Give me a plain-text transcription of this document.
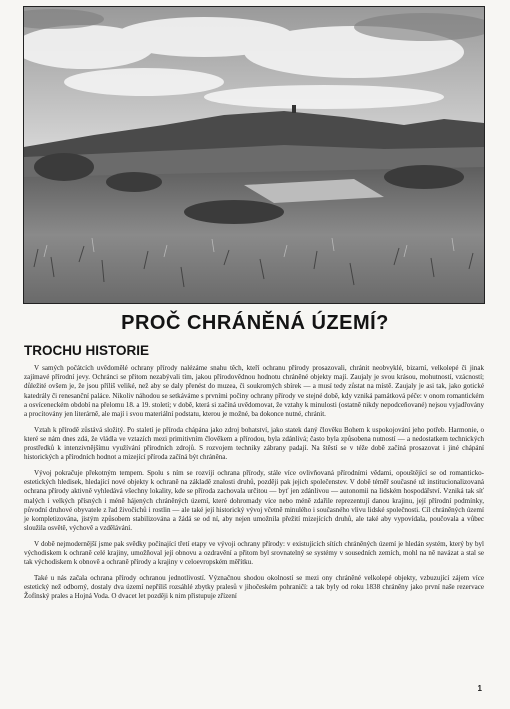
PROČ CHRÁNĚNÁ ÚZEMÍ?
TROCHU HISTORIE

V samých počátcích uvědomělé ochrany přírody nalézáme snahu těch, kteří ochranu přírody prosazovali, chránit neobvyklé, bizarní, velkolepé či jinak zajímavé přírodní jevy. Ochránci se přitom nezabývali tím, jakou přírodovědnou hodnotu chráněné objekty mají. Zaujaly je svou krásou, mohutností, vzácností; důležité ovšem je, že jsou příliš veliké, než aby se daly přenést do muzea, či soukromých sbírek — a musí tedy zůstat na místě. Zaujaly je asi tak, jako gotické katedrály či renesanční paláce. Nikoliv náhodou se setkáváme s prvními počiny ochrany přírody ve stejné době, kdy vzniká památková péče: v onom romantickém a osvíceneckém období na přelomu 18. a 19. století; v době, která si začíná uvědomovat, že vztahy k minulosti (ostatně nikdy nepodceňované) nejsou vyjadřovány a procítovány jen literárně, ale mají i svou materiální podstatu, kterou je možné, ba dokonce nutné, chránit.

Vztah k přírodě zůstává složitý. Po staletí je příroda chápána jako zdroj bohatství, jako statek daný člověku Bohem k uspokojování jeho potřeb. Harmonie, o které se nám dnes zdá, že vládla ve vztazích mezi primitivním člověkem a přírodou, byla zdánlivá; často byla způsobena nutností — a nedostatkem technických prostředků k intenzivnějšímu využívání přírodních zdrojů. S rozvojem techniky zábrany padají. Na štěstí se v téže době začíná prosazovat i jiné chápání historických a přírodních hodnot a mizející příroda začíná být chráněna.

Vývoj pokračuje překotným tempem. Spolu s ním se rozvíjí ochrana přírody, stále více ovlivňovaná přírodními vědami, opouštějící se od romanticko-estetických hledisek, hledající nové objekty k ochraně na základě znalosti druhů, později pak jejich společenstev. V době téměř současné už institucionalizovaná ochrana přírody aktivně vyhledává všechny lokality, kde se příroda zachovala určitou — byť jen zdánlivou — autonomii na lidském hospodářství. Vzniká tak síť malých i velkých přísných i méně hájených chráněných území, které dohromady více nebo méně zdařile reprezentují danou krajinu, její přírodní podmínky, původní druhové obyvatele z řad živočichů i rostlin — ale také její historický vývoj včetně minulého i současného vlivu lidské společnosti. Cíl chráněných území je kompletizována, jistým způsobem stabilizována a žádá se od ní, aby nejen umožnila přežití mizejících druhů, ale také aby vypovídala, poučovala a vůbec sloužila osvětě, výchově a vzdělávání.

V době nejmodernější jsme pak svědky počínající třetí etapy ve vývoji ochrany přírody: v existujících sítích chráněných území je hledán systém, který by byl východiskem k ochraně celé krajiny, umožňoval její obnovu a ozdravění a přitom byl srovnatelný se systémy v sousedních zemích, mohl na ně navázat a stal se tak východiskem k obnově a ochraně přírody a krajiny v celoevropském měřítku.

Také u nás začala ochrana přírody ochranou jednotlivostí. Význačnou shodou okolností se mezi ony chráněné velkolepé objekty, vzbuzující zájem více estetický než odborný, dostaly dva území nepříliš rozsáhlé zbytky pralesů v jihočeském pohraničí: a tak byly od roku 1838 chráněny jako první naše rezervace Žofínský prales a Hojná Voda. O dvacet let později k nim přistupuje zřízení

1
